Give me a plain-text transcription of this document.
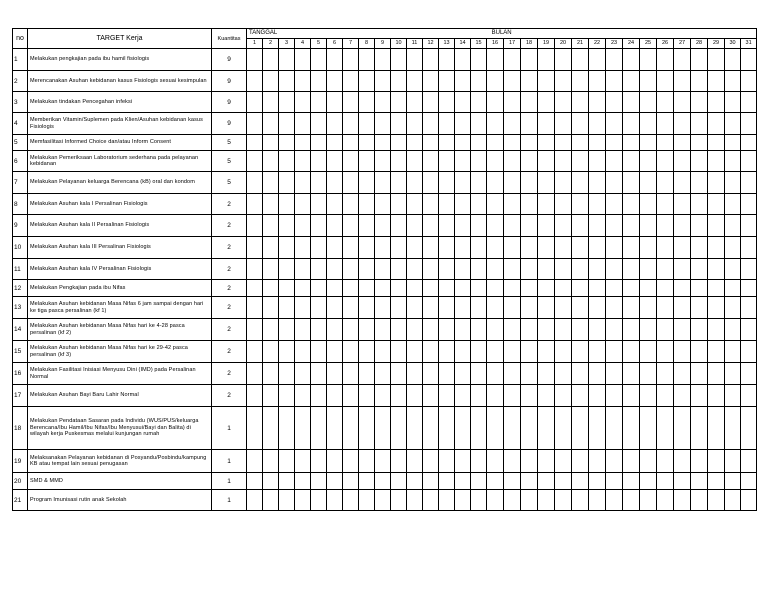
no	TARGET Kerja	Kuantitas	TANGGAL BULAN																														

			1	2	3	4	5	6	7	8	9	10	11	12	13	14	15	16	17	18	19	20	21	22	23	24	25	26	27	28	29	30	31
1	Melakukan pengkajian pada ibu hamil fisiologis	9																															
2	Merencanakan Asuhan kebidanan kasus Fisiologis sesuai kesimpulan	9																															
3	Melakukan tindakan Pencegahan infeksi	9																															
4	Memberikan Vitamin/Suplemen pada Klien/Asuhan kebidanan kasus Fisiologis	9																															
5	Memfasilitasi Informed Choice dan/atau Inform Consent	5																															
6	Melakukan Pemeriksaan Laboratorium sederhana pada pelayanan kebidanan	5																															
7	Melakukan Pelayanan keluarga Berencana (kB) oral dan kondom	5																															
8	Melakukan Asuhan kala I Persalinan Fisiologis	2																															
9	Melakukan Asuhan kala II Persalinan Fisiologis	2																															
10	Melakukan Asuhan kala III Persalinan Fisiologis	2																															
11	Melakukan Asuhan kala IV Persalinan Fisiologis	2																															
12	Melakukan Pengkajian pada ibu Nifas	2																															
13	Melakukan Asuhan kebidanan Masa Nifas 6 jam sampai dengan hari ke tiga pasca persalinan (kf 1)	2																															
14	Melakukan Asuhan kebidanan Masa Nifas hari ke 4-28 pasca persalinan (kf 2)	2																															
15	Melakukan Asuhan kebidanan Masa Nifas hari ke 29-42 pasca persalinan (kf 3)	2																															
16	Melakukan Fasilitasi Inisiasi Menyusu Dini (IMD) pada Persalinan Normal	2																															
17	Melakukan Asuhan Bayi Baru Lahir Normal	2																															
18	Melakukan Pendataan Sasaran pada Individu (WUS/PUS/keluarga Berencana/Ibu Hamil/Ibu Nifas/Ibu Menyusui/Bayi dan Balita) di wilayah kerja Puskesmas melalui kunjungan rumah	1																															
19	Melaksanakan Pelayanan kebidanan di Posyandu/Posbindu/kampung KB atau tempat lain sesuai penugasan	1																															
20	SMD & MMD	1																															
21	Program Imunisasi rutin anak Sekolah	1																															
